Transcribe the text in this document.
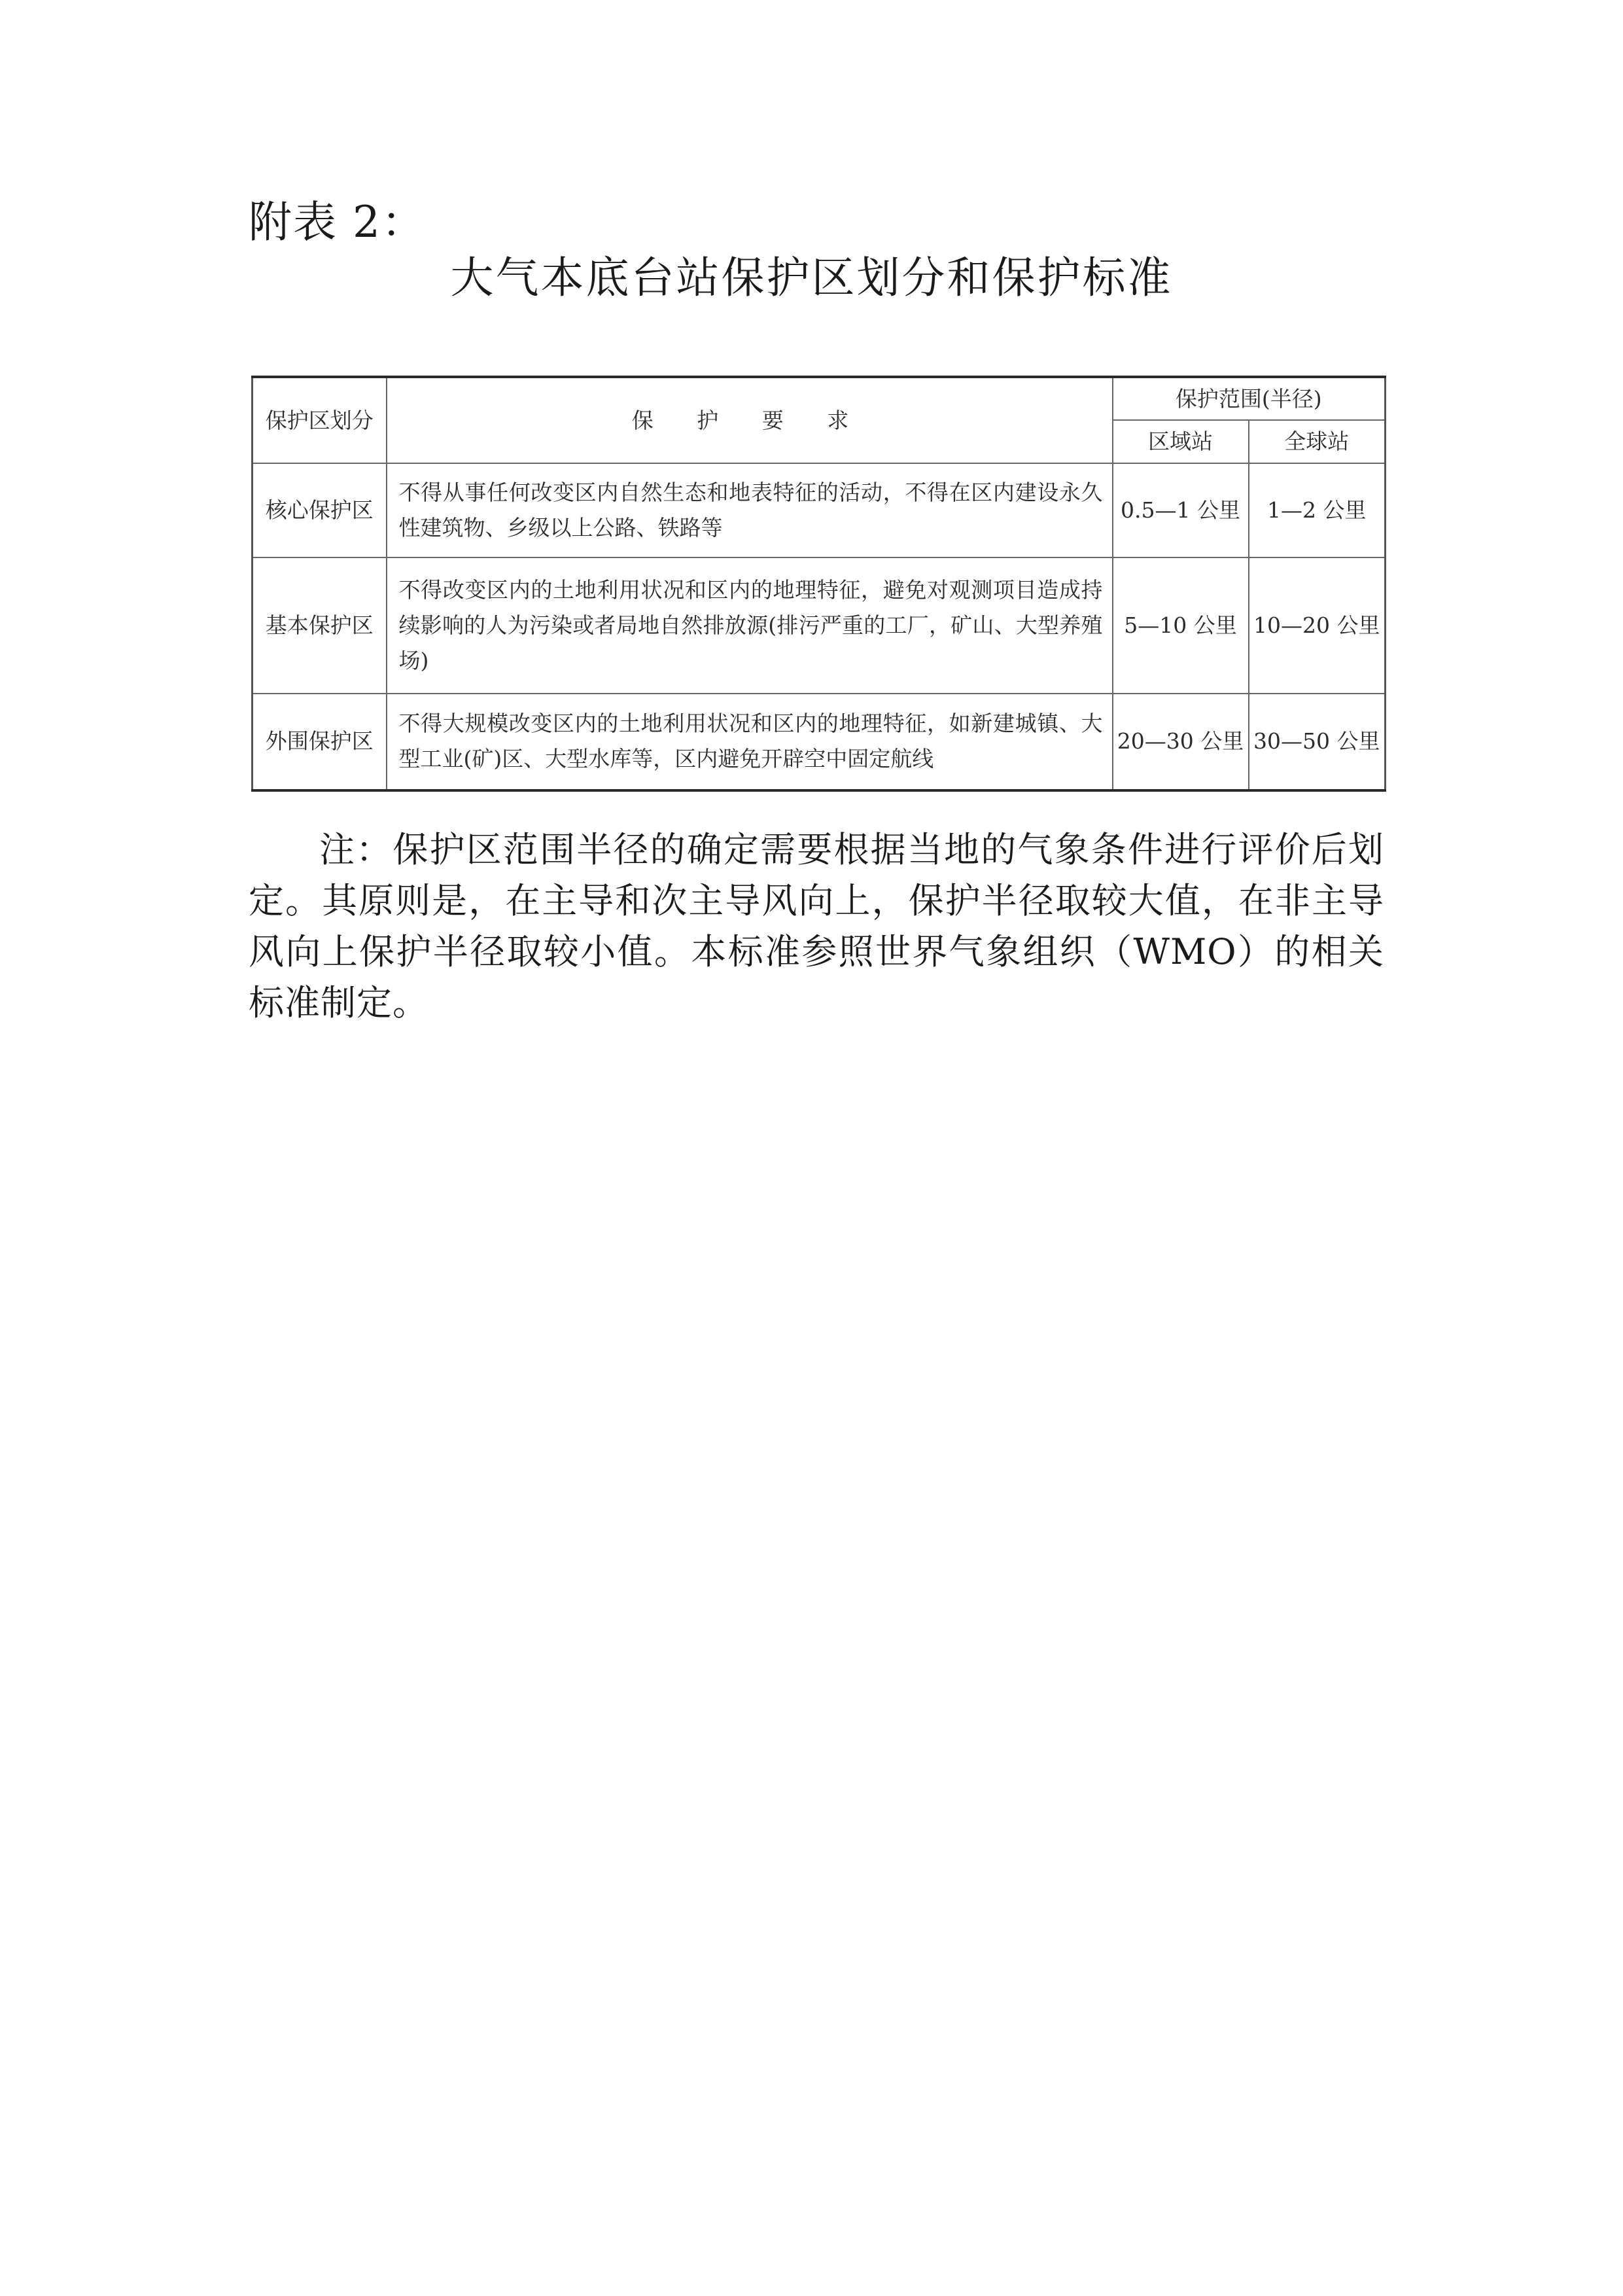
附表 2：
大气本底台站保护区划分和保护标准
保护区划分	保 护 要 求	保护范围(半径)	
		区域站	全球站
核心保护区	不得从事任何改变区内自然生态和地表特征的活动，不得在区内建设永久性建筑物、乡级以上公路、铁路等	0.5—1 公里	1—2 公里
基本保护区	不得改变区内的土地利用状况和区内的地理特征，避免对观测项目造成持续影响的人为污染或者局地自然排放源(排污严重的工厂，矿山、大型养殖场)	5—10 公里	10—20 公里
外围保护区	不得大规模改变区内的土地利用状况和区内的地理特征，如新建城镇、大型工业(矿)区、大型水库等，区内避免开辟空中固定航线	20—30 公里	30—50 公里
注：保护区范围半径的确定需要根据当地的气象条件进行评价后划定。其原则是，在主导和次主导风向上，保护半径取较大值，在非主导风向上保护半径取较小值。本标准参照世界气象组织（WMO）的相关标准制定。
